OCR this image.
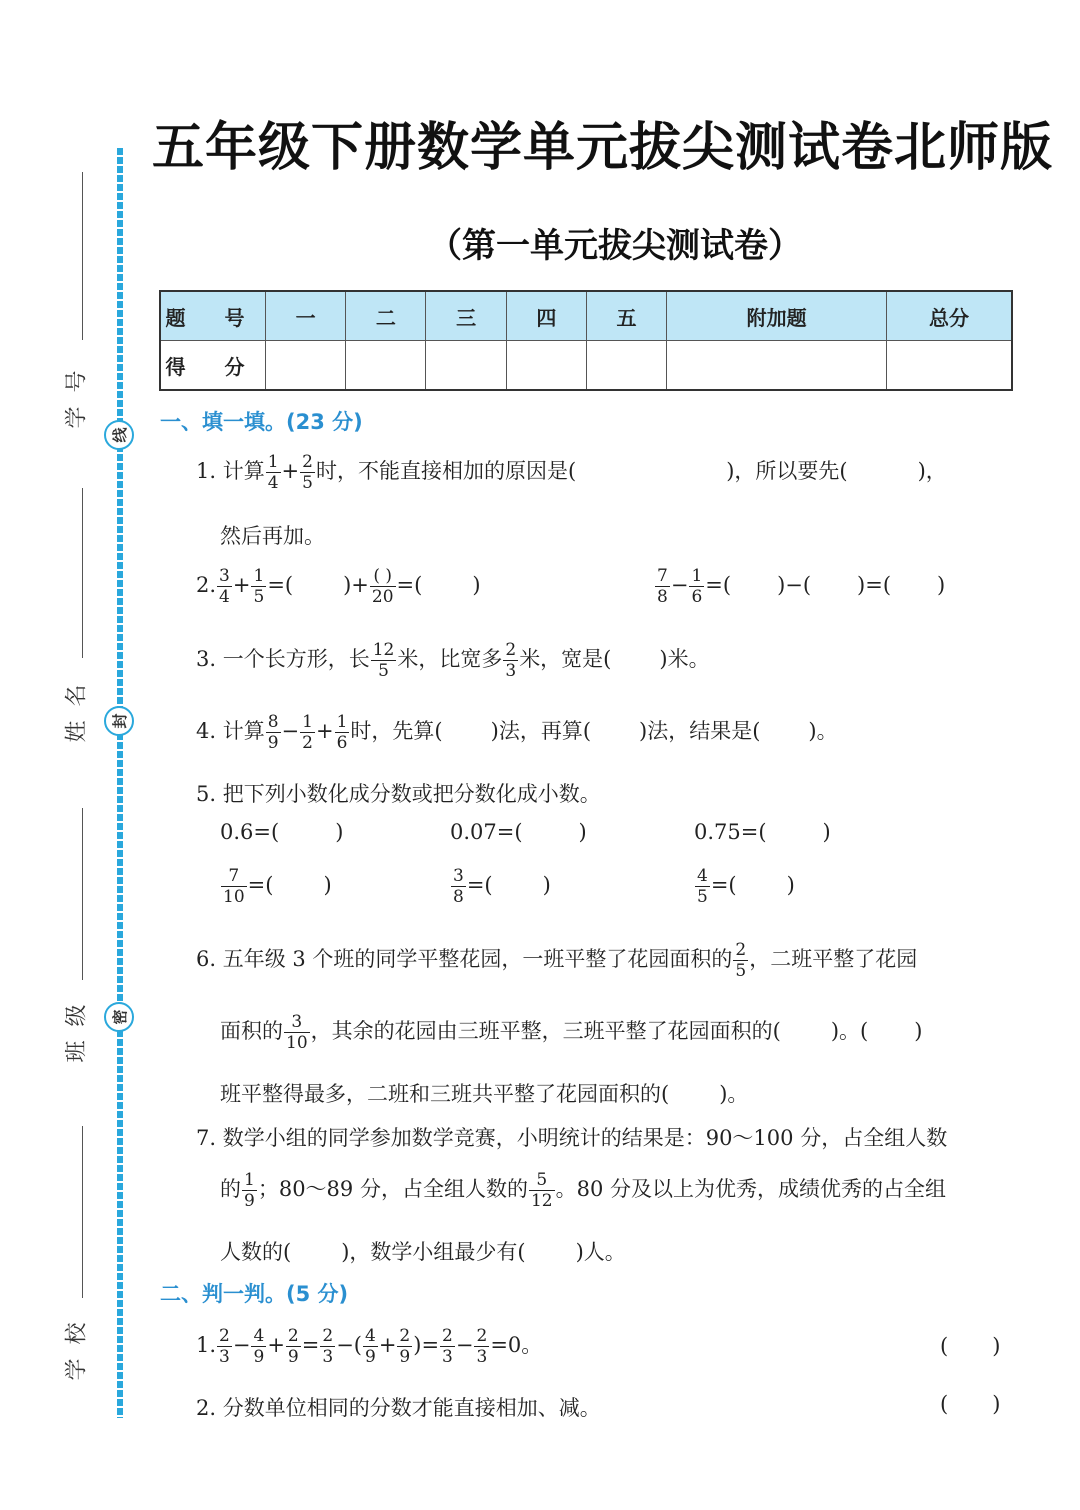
线
封
密
学号
姓名
班级
学校
五年级下册数学单元拔尖测试卷北师版
（第一单元拔尖测试卷）
题 号	一	二	三	四	五	附加题	总分
得 分							
一、填一填。(23 分)
1. 计算 $\frac{1}{4} + \frac{2}{5}$ 时，不能直接相加的原因是(	)，所以要先(	)，
然后再加。
2. $\frac{3}{4} + \frac{1}{5}$ =( )+ $\frac{( )}{20}$ =( )	$\frac{7}{8} - \frac{1}{6}$ =( )−( )=( )
3. 一个长方形，长 $\frac{12}{5}$ 米，比宽多 $\frac{2}{3}$ 米，宽是( )米。
4. 计算 $\frac{8}{9} - \frac{1}{2} + \frac{1}{6}$ 时，先算( )法，再算( )法，结果是( )。
5. 把下列小数化成分数或把分数化成小数。
0.6=(	)	0.07=(	)	0.75=(	)
$\frac{7}{10}$ =( )	$\frac{3}{8}$ =( )	$\frac{4}{5}$ =( )
6. 五年级 3 个班的同学平整花园，一班平整了花园面积的 $\frac{2}{5}$ ，二班平整了花园
面积的 $\frac{3}{10}$ ，其余的花园由三班平整，三班平整了花园面积的( )。( )
班平整得最多，二班和三班共平整了花园面积的( )。
7. 数学小组的同学参加数学竞赛，小明统计的结果是：90～100 分，占全组人数
的 $\frac{1}{9}$ ；80～89 分，占全组人数的 $\frac{5}{12}$ 。80 分及以上为优秀，成绩优秀的占全组
人数的( )，数学小组最少有( )人。
二、判一判。(5 分)
1. $\frac{2}{3} - \frac{4}{9} + \frac{2}{9} = \frac{2}{3}$ −( $\frac{4}{9} + \frac{2}{9}$ )= $\frac{2}{3} - \frac{2}{3} =0$。	( )
2. 分数单位相同的分数才能直接相加、减。	( )
